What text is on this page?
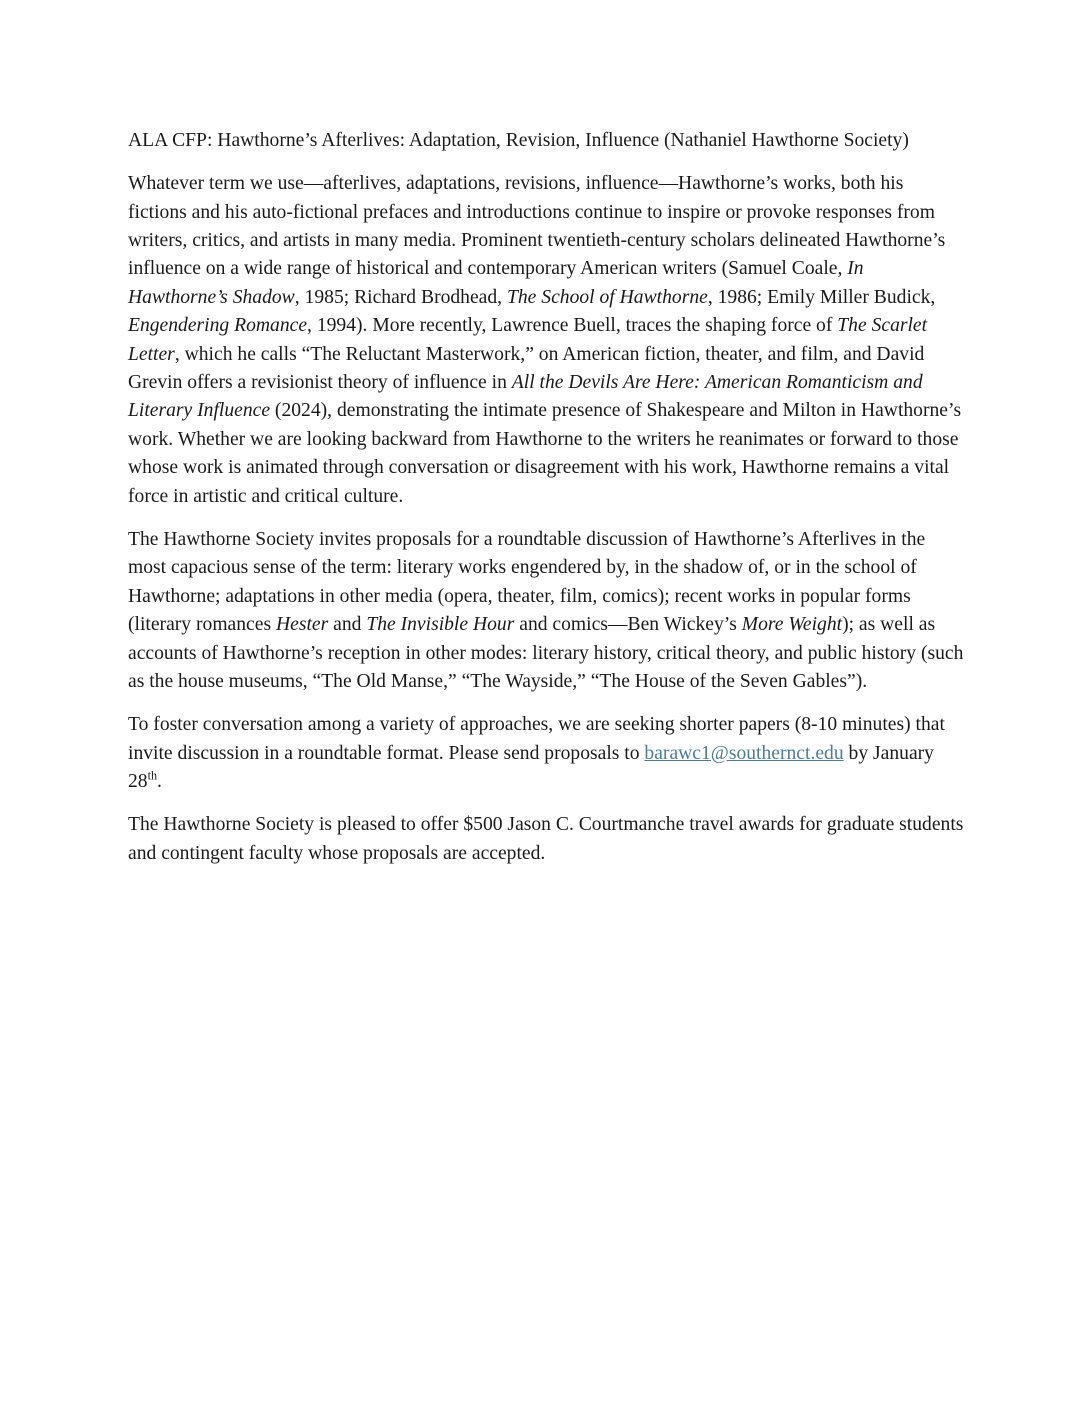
ALA CFP: Hawthorne’s Afterlives: Adaptation, Revision, Influence (Nathaniel Hawthorne Society)

Whatever term we use—afterlives, adaptations, revisions, influence—Hawthorne’s works, both his fictions and his auto-fictional prefaces and introductions continue to inspire or provoke responses from writers, critics, and artists in many media. Prominent twentieth-century scholars delineated Hawthorne’s influence on a wide range of historical and contemporary American writers (Samuel Coale, In Hawthorne’s Shadow, 1985; Richard Brodhead, The School of Hawthorne, 1986; Emily Miller Budick, Engendering Romance, 1994). More recently, Lawrence Buell, traces the shaping force of The Scarlet Letter, which he calls “The Reluctant Masterwork,” on American fiction, theater, and film, and David Grevin offers a revisionist theory of influence in All the Devils Are Here: American Romanticism and Literary Influence (2024), demonstrating the intimate presence of Shakespeare and Milton in Hawthorne’s work. Whether we are looking backward from Hawthorne to the writers he reanimates or forward to those whose work is animated through conversation or disagreement with his work, Hawthorne remains a vital force in artistic and critical culture.

The Hawthorne Society invites proposals for a roundtable discussion of Hawthorne’s Afterlives in the most capacious sense of the term: literary works engendered by, in the shadow of, or in the school of Hawthorne; adaptations in other media (opera, theater, film, comics); recent works in popular forms (literary romances Hester and The Invisible Hour and comics—Ben Wickey’s More Weight); as well as accounts of Hawthorne’s reception in other modes: literary history, critical theory, and public history (such as the house museums, “The Old Manse,” “The Wayside,” “The House of the Seven Gables”).

To foster conversation among a variety of approaches, we are seeking shorter papers (8-10 minutes) that invite discussion in a roundtable format. Please send proposals to barawc1@southernct.edu by January 28th.

The Hawthorne Society is pleased to offer $500 Jason C. Courtmanche travel awards for graduate students and contingent faculty whose proposals are accepted.
